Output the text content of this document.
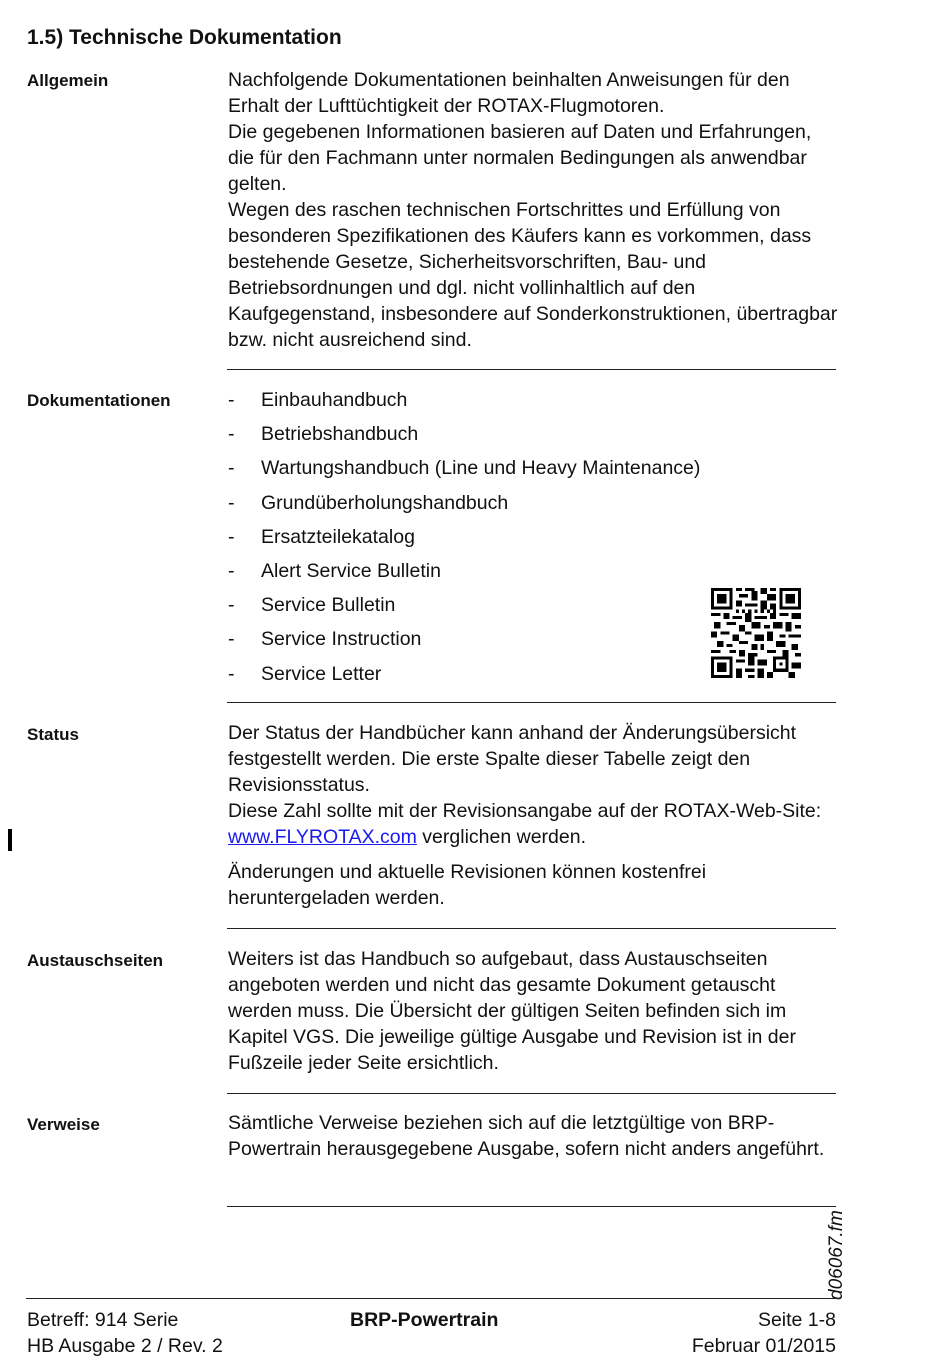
1.5) Technische Dokumentation
Allgemein	Nachfolgende Dokumentationen beinhalten Anweisungen für den Erhalt der Lufttüchtigkeit der ROTAX-Flugmotoren.

Die gegebenen Informationen basieren auf Daten und Erfahrungen, die für den Fachmann unter normalen Bedingungen als anwendbar gelten.

Wegen des raschen technischen Fortschrittes und Erfüllung von besonderen Spezifikationen des Käufers kann es vorkommen, dass bestehende Gesetze, Sicherheitsvorschriften, Bau- und Betriebsordnungen und dgl. nicht vollinhaltlich auf den Kaufgegenstand, insbesondere auf Sonderkonstruktionen, übertragbar bzw. nicht ausreichend sind.

Dokumentationen	- Einbauhandbuch
- Betriebshandbuch
- Wartungshandbuch (Line und Heavy Maintenance)
- Grundüberholungshandbuch
- Ersatzteilekatalog
- Alert Service Bulletin
- Service Bulletin
- Service Instruction
- Service Letter
Status	Der Status der Handbücher kann anhand der Änderungsübersicht festgestellt werden. Die erste Spalte dieser Tabelle zeigt den Revisionsstatus.

Diese Zahl sollte mit der Revisionsangabe auf der ROTAX-Web-Site: www.FLYROTAX.com verglichen werden.

Änderungen und aktuelle Revisionen können kostenfrei heruntergeladen werden.

Austauschseiten	Weiters ist das Handbuch so aufgebaut, dass Austauschseiten angeboten werden und nicht das gesamte Dokument getauscht werden muss. Die Übersicht der gültigen Seiten befinden sich im Kapitel VGS. Die jeweilige gültige Ausgabe und Revision ist in der Fußzeile jeder Seite ersichtlich.

Verweise	Sämtliche Verweise beziehen sich auf die letztgültige von BRP-Powertrain herausgegebene Ausgabe, sofern nicht anders angeführt.

d06067.fm
Betreff: 914 Serie
HB Ausgabe 2 / Rev. 2
BRP-Powertrain	Seite 1-8
Februar 01/2015
